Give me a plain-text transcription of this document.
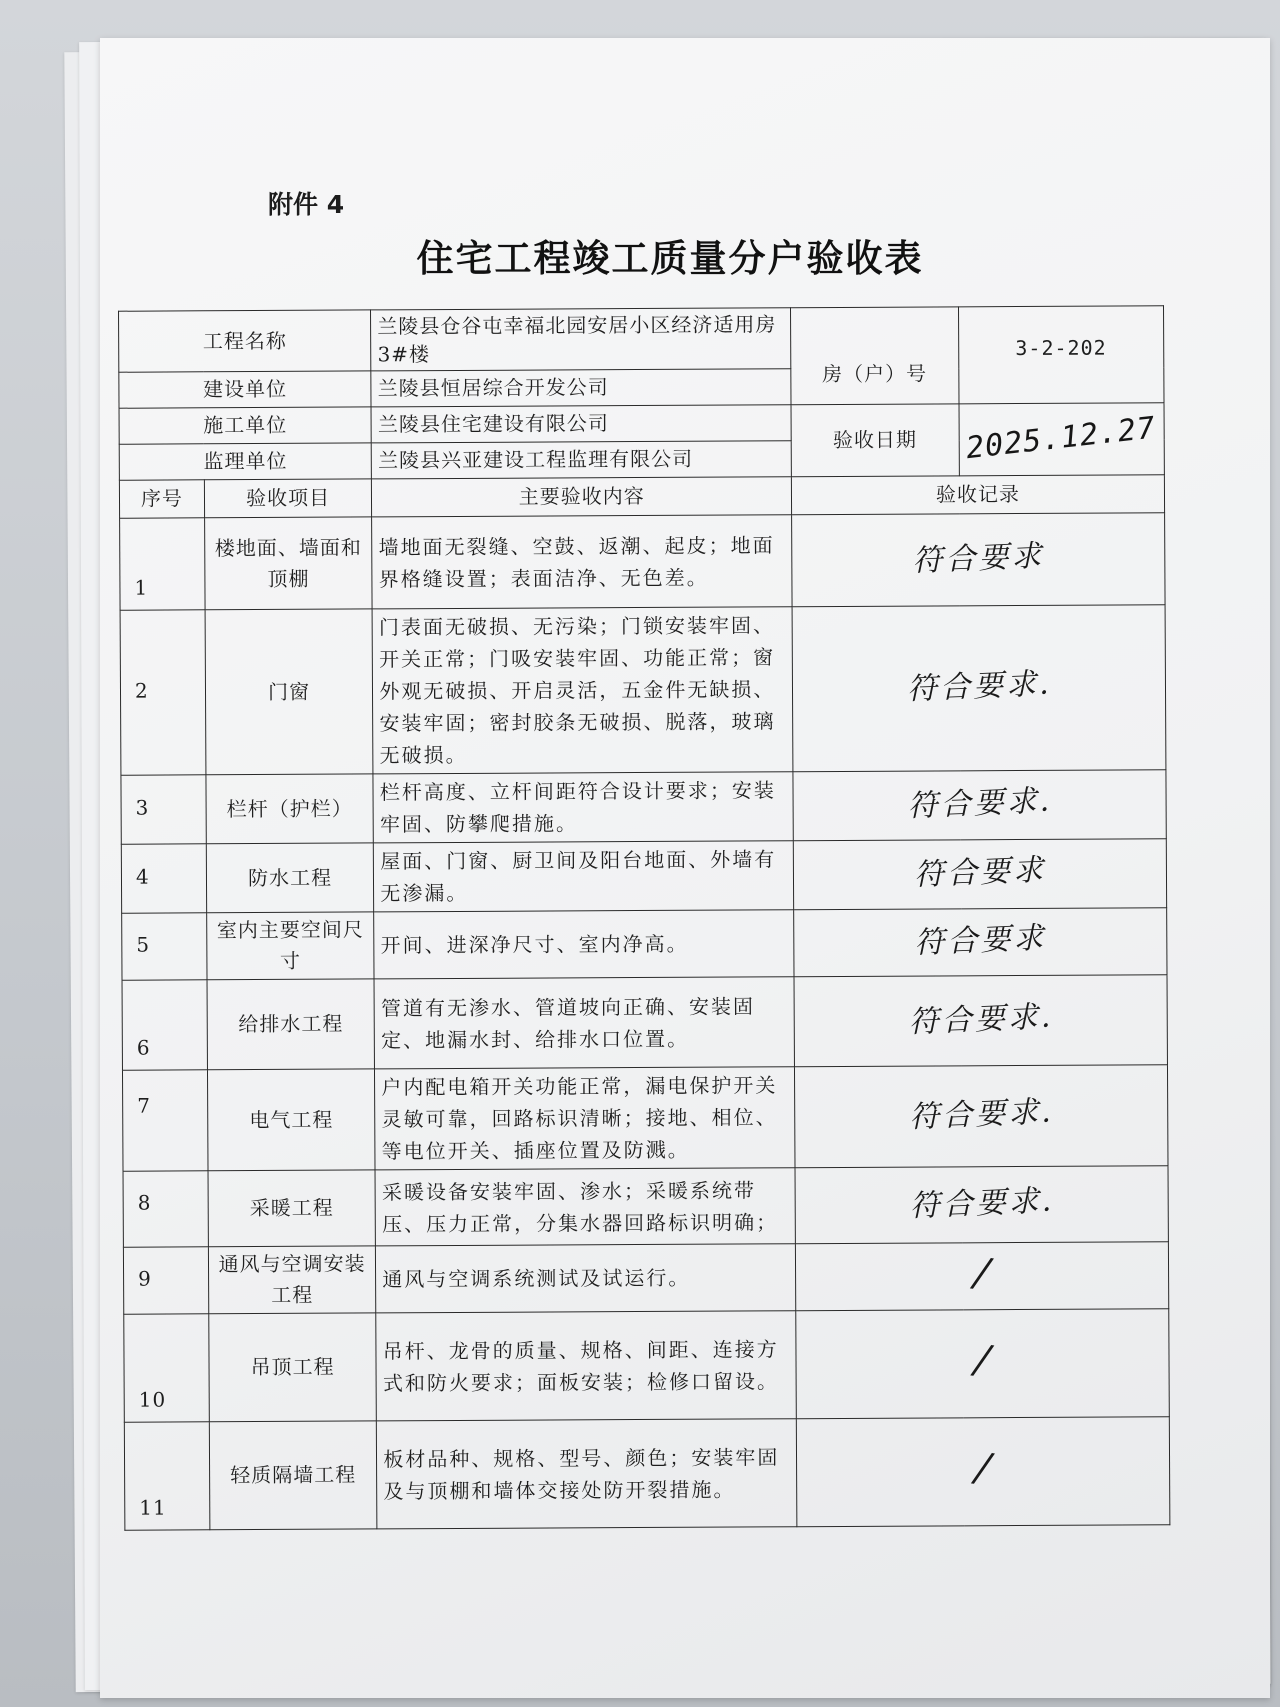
附件 4
住宅工程竣工质量分户验收表
工程名称		兰陵县仓谷屯幸福北园安居小区经济适用房3#楼	房（户）号	3-2-202
建设单位		兰陵县恒居综合开发公司		
施工单位		兰陵县住宅建设有限公司	验收日期	2025.12.27
监理单位		兰陵县兴亚建设工程监理有限公司		
序号	验收项目	主要验收内容	验收记录	
1	楼地面、墙面和顶棚	墙地面无裂缝、空鼓、返潮、起皮；地面界格缝设置；表面洁净、无色差。	符合要求	
2	门窗	门表面无破损、无污染；门锁安装牢固、开关正常；门吸安装牢固、功能正常；窗外观无破损、开启灵活，五金件无缺损、 安装牢固；密封胶条无破损、脱落，玻璃无破损。	符合要求.	
3	栏杆（护栏）	栏杆高度、立杆间距符合设计要求；安装牢固、防攀爬措施。	符合要求.	
4	防水工程	屋面、门窗、厨卫间及阳台地面、外墙有无渗漏。	符合要求	
5	室内主要空间尺寸	开间、进深净尺寸、室内净高。	符合要求	
6	给排水工程	管道有无渗水、管道坡向正确、安装固定、地漏水封、给排水口位置。	符合要求.	
7	电气工程	户内配电箱开关功能正常，漏电保护开关灵敏可靠，回路标识清晰；接地、相位、等电位开关、插座位置及防溅。	符合要求.	
8	采暖工程	采暖设备安装牢固、渗水；采暖系统带压、压力正常，分集水器回路标识明确；	符合要求.	
9	通风与空调安装工程	通风与空调系统测试及试运行。	/	
10	吊顶工程	吊杆、龙骨的质量、规格、间距、连接方式和防火要求；面板安装；检修口留设。	/	
11	轻质隔墙工程	板材品种、规格、型号、颜色；安装牢固及与顶棚和墙体交接处防开裂措施。	/	
